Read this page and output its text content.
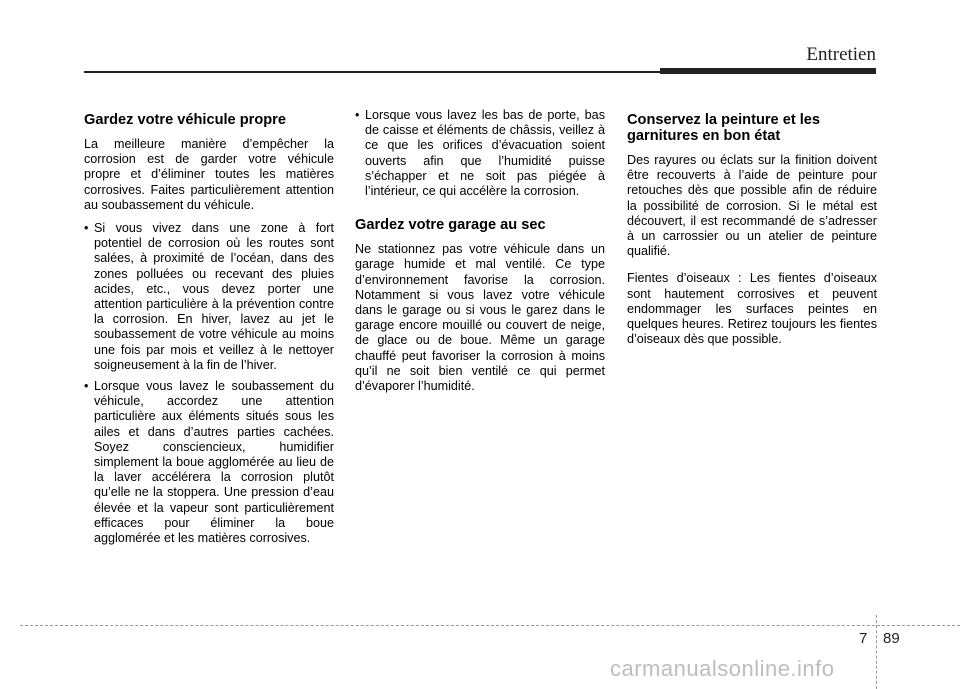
Entretien
Gardez votre véhicule propre

La meilleure manière d’empêcher la corrosion est de garder votre véhicule propre et d’éliminer toutes les matières corrosives. Faites particulièrement attention au soubassement du véhicule.

• Si vous vivez dans une zone à fort potentiel de corrosion où les routes sont salées, à proximité de l’océan, dans des zones polluées ou recevant des pluies acides, etc., vous devez porter une attention particulière à la prévention contre la corrosion. En hiver, lavez au jet le soubassement de votre véhicule au moins une fois par mois et veillez à le nettoyer soigneusement à la fin de l’hiver.
• Lorsque vous lavez le soubassement du véhicule, accordez une attention particulière aux éléments situés sous les ailes et dans d’autres parties cachées. Soyez consciencieux, humidifier simplement la boue agglomérée au lieu de la laver accélérera la corrosion plutôt qu’elle ne la stoppera. Une pression d’eau élevée et la vapeur sont particulièrement efficaces pour éliminer la boue agglomérée et les matières corrosives.
• Lorsque vous lavez les bas de porte, bas de caisse et éléments de châssis, veillez à ce que les orifices d’évacuation soient ouverts afin que l’humidité puisse s’échapper et ne soit pas piégée à l’intérieur, ce qui accélère la corrosion.
Gardez votre garage au sec

Ne stationnez pas votre véhicule dans un garage humide et mal ventilé. Ce type d’environnement favorise la corrosion. Notamment si vous lavez votre véhicule dans le garage ou si vous le garez dans le garage encore mouillé ou couvert de neige, de glace ou de boue. Même un garage chauffé peut favoriser la corrosion à moins qu’il ne soit bien ventilé ce qui permet d’évaporer l’humidité.

Conservez la peinture et les garnitures en bon état

Des rayures ou éclats sur la finition doivent être recouverts à l’aide de peinture pour retouches dès que possible afin de réduire la possibilité de corrosion. Si le métal est découvert, il est recommandé de s’adresser à un carrossier ou un atelier de peinture qualifié.

Fientes d’oiseaux : Les fientes d’oiseaux sont hautement corrosives et peuvent endommager les surfaces peintes en quelques heures. Retirez toujours les fientes d’oiseaux dès que possible.

7 89
carmanualsonline.info
